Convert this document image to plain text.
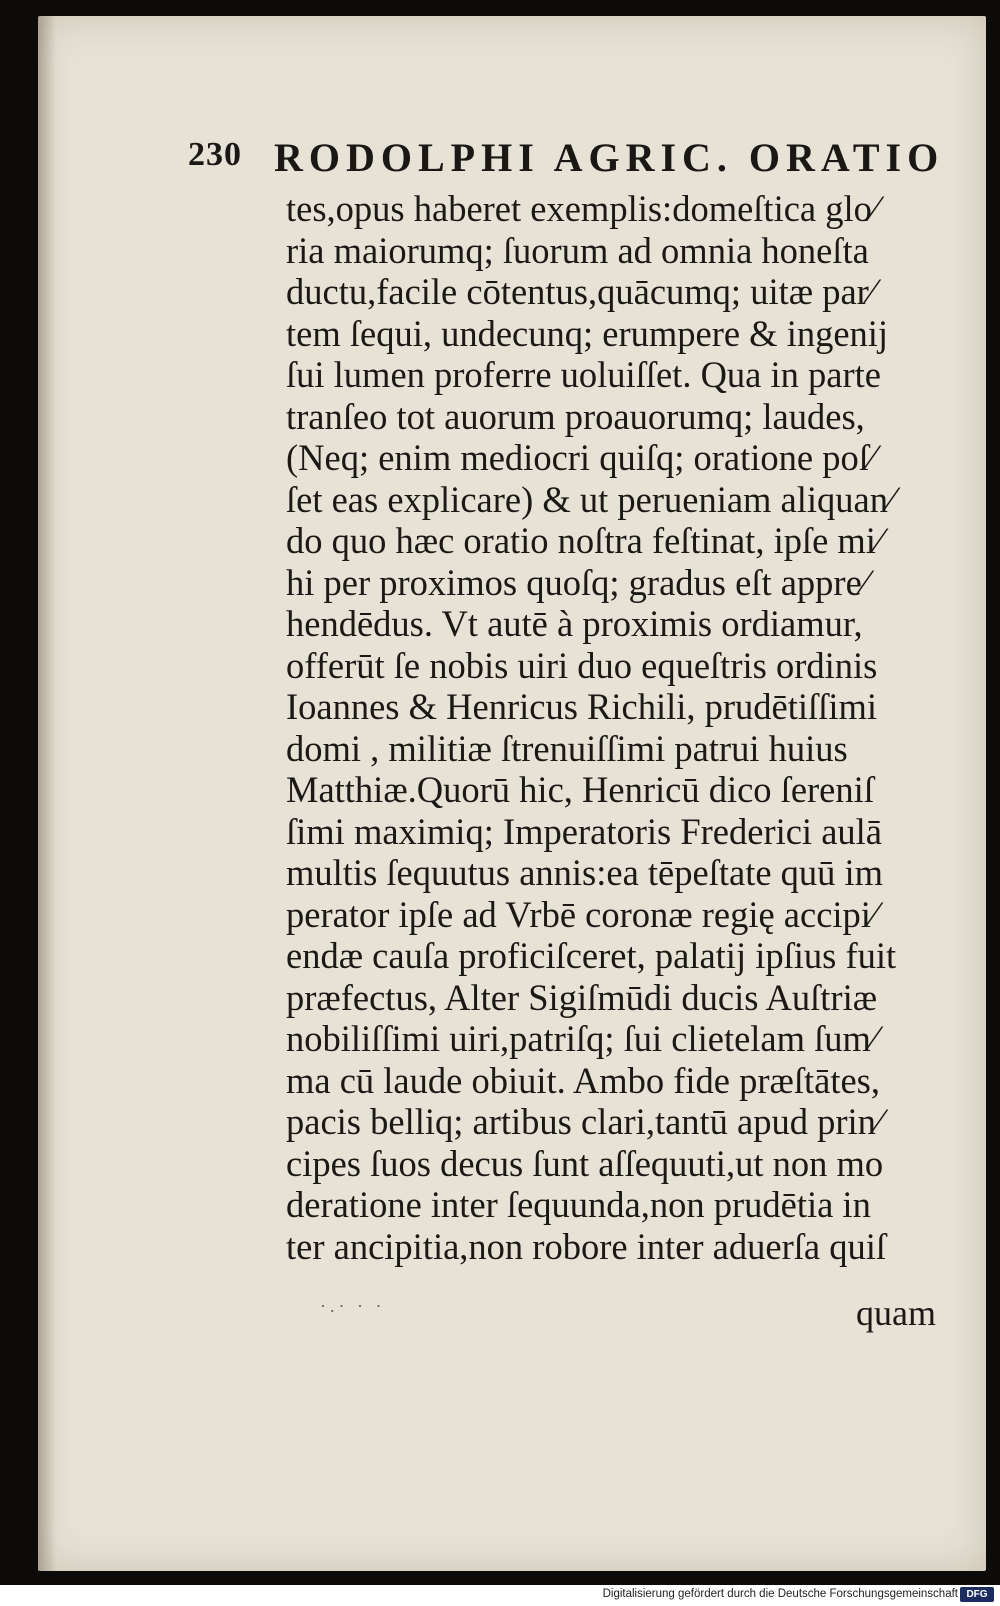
230 RODOLPHI AGRIC. ORATIO
tes,opus haberet exemplis:domeſtica glo⁄
ria maiorumq; ſuorum ad omnia honeſta
ductu,facile cōtentus,quācumq; uitæ par⁄
tem ſequi, undecunq; erumpere & ingenij
ſui lumen proferre uoluiſſet. Qua in parte
tranſeo tot auorum proauorumq; laudes,
(Neq; enim mediocri quiſq; oratione poſ⁄
ſet eas explicare) & ut perueniam aliquan⁄
do quo hæc oratio noſtra feſtinat, ipſe mi⁄
hi per proximos quoſq; gradus eſt appre⁄
hendēdus. Vt autē à proximis ordiamur,
offerūt ſe nobis uiri duo equeſtris ordinis
Ioannes & Henricus Richili, prudētiſſimi
domi , militiæ ſtrenuiſſimi patrui huius
Matthiæ.Quorū hic, Henricū dico ſereniſ
ſimi maximiq; Imperatoris Frederici aulā
multis ſequutus annis:ea tēpeſtate quū im
perator ipſe ad Vrbē coronæ regię accipi⁄
endæ cauſa proficiſceret, palatij ipſius fuit
præfectus, Alter Sigiſmūdi ducis Auſtriæ
nobiliſſimi uiri,patriſq; ſui clietelam ſum⁄
ma cū laude obiuit. Ambo fide præſtātes,
pacis belliq; artibus clari,tantū apud prin⁄
cipes ſuos decus ſunt aſſequuti,ut non mo
deratione inter ſequunda,non prudētia in
ter ancipitia,non robore inter aduerſa quiſ
·.· · ·	quam
Digitalisierung gefördert durch die Deutsche Forschungsgemeinschaft DFG
